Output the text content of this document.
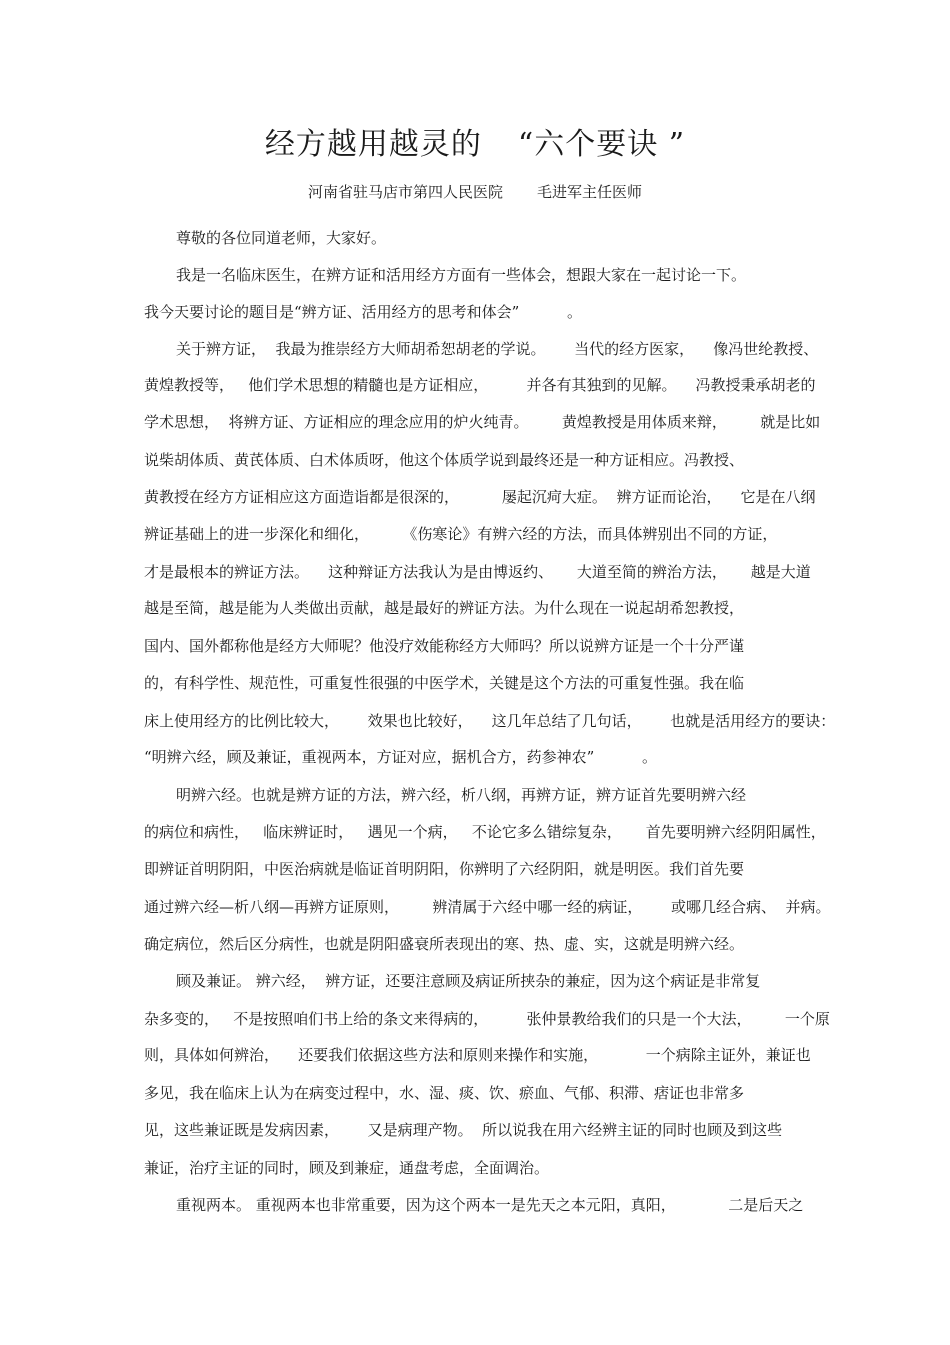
经方越用越灵的 “六个要诀 ”
河南省驻马店市第四人民医院 毛进军主任医师
尊敬的各位同道老师，大家好。
我是一名临床医生，在辨方证和活用经方方面有一些体会，想跟大家在一起讨论一下。
我今天要讨论的题目是“辨方证、活用经方的思考和体会”          。
关于辨方证，  我最为推崇经方大师胡希恕胡老的学说。      当代的经方医家，    像冯世纶教授、
黄煌教授等，   他们学术思想的精髓也是方证相应，        并各有其独到的见解。    冯教授秉承胡老的
学术思想，  将辨方证、方证相应的理念应用的炉火纯青。       黄煌教授是用体质来辩，       就是比如
说柴胡体质、黄芪体质、白术体质呀，他这个体质学说到最终还是一种方证相应。冯教授、
黄教授在经方方证相应这方面造诣都是很深的，         屡起沉疴大症。  辨方证而论治，    它是在八纲
辨证基础上的进一步深化和细化，       《伤寒论》有辨六经的方法，而具体辨别出不同的方证，
才是最根本的辨证方法。    这种辩证方法我认为是由博返约、     大道至简的辨治方法，     越是大道
越是至简，越是能为人类做出贡献，越是最好的辨证方法。为什么现在一说起胡希恕教授，
国内、国外都称他是经方大师呢？他没疗效能称经方大师吗？所以说辨方证是一个十分严谨
的，有科学性、规范性，可重复性很强的中医学术，关键是这个方法的可重复性强。我在临
床上使用经方的比例比较大，      效果也比较好，    这几年总结了几句话，      也就是活用经方的要诀：
“明辨六经，顾及兼证，重视两本，方证对应，据机合方，药参神农”          。
明辨六经。也就是辨方证的方法，辨六经，析八纲，再辨方证，辨方证首先要明辨六经
的病位和病性，   临床辨证时，   遇见一个病，   不论它多么错综复杂，     首先要明辨六经阴阳属性，
即辨证首明阴阳，中医治病就是临证首明阴阳，你辨明了六经阴阳，就是明医。我们首先要
通过辨六经—析八纲—再辨方证原则，       辨清属于六经中哪一经的病证，      或哪几经合病、  并病。
确定病位，然后区分病性，也就是阴阳盛衰所表现出的寒、热、虚、实，这就是明辨六经。
顾及兼证。 辨六经，  辨方证，还要注意顾及病证所挟杂的兼症，因为这个病证是非常复
杂多变的，   不是按照咱们书上给的条文来得病的，        张仲景教给我们的只是一个大法，       一个原
则，具体如何辨治，    还要我们依据这些方法和原则来操作和实施，          一个病除主证外，兼证也
多见，我在临床上认为在病变过程中，水、湿、痰、饮、瘀血、气郁、积滞、痞证也非常多
见，这些兼证既是发病因素，      又是病理产物。  所以说我在用六经辨主证的同时也顾及到这些
兼证，治疗主证的同时，顾及到兼症，通盘考虑，全面调治。
重视两本。 重视两本也非常重要，因为这个两本一是先天之本元阳，真阳，           二是后天之
